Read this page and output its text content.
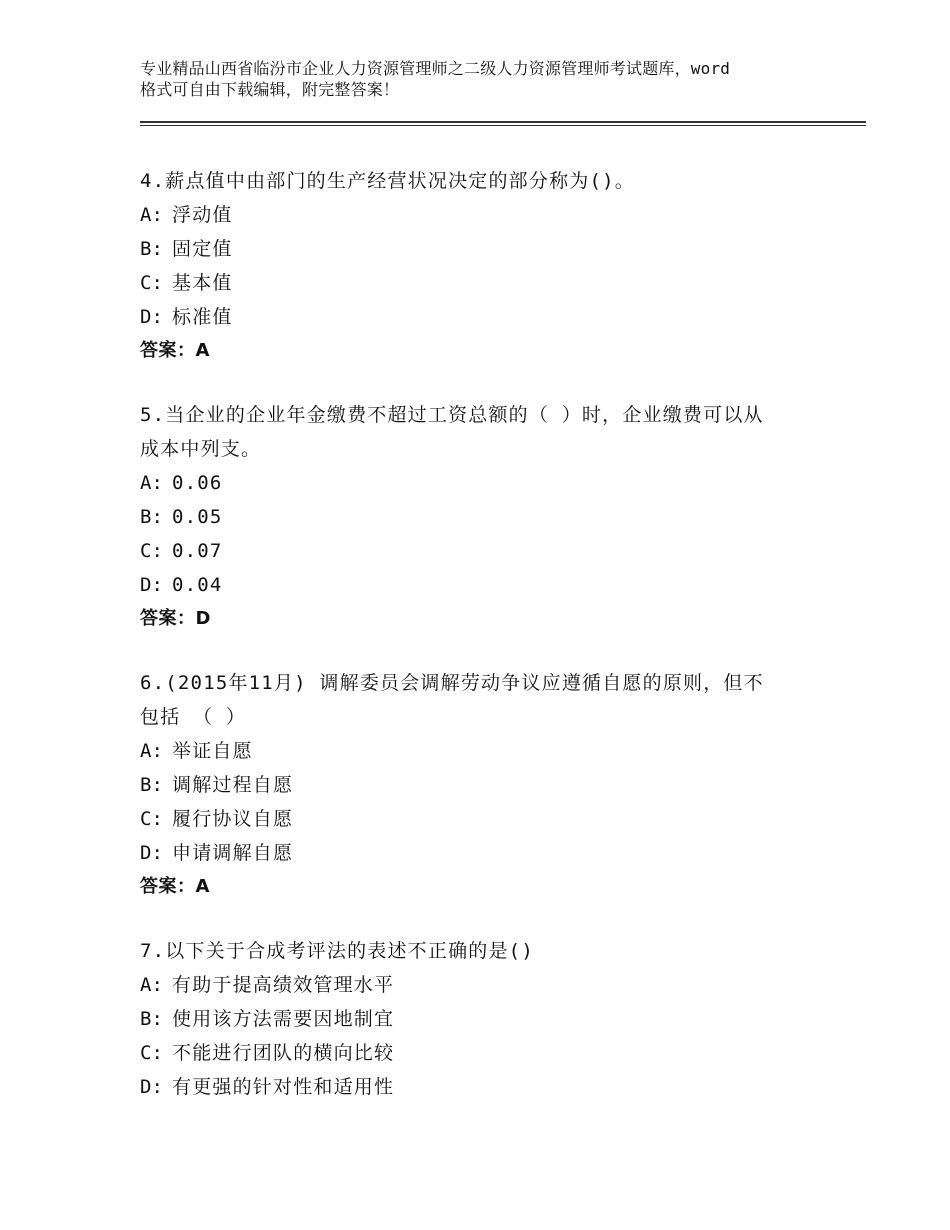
专业精品山西省临汾市企业人力资源管理师之二级人力资源管理师考试题库，word
格式可自由下载编辑，附完整答案！
4.薪点值中由部门的生产经营状况决定的部分称为()。
A: 浮动值
B: 固定值
C: 基本值
D: 标准值
答案：A
5.当企业的企业年金缴费不超过工资总额的（ ）时，企业缴费可以从
成本中列支。
A: 0.06
B: 0.05
C: 0.07
D: 0.04
答案：D
6.(2015年11月) 调解委员会调解劳动争议应遵循自愿的原则，但不
包括 （ ）
A: 举证自愿
B: 调解过程自愿
C: 履行协议自愿
D: 申请调解自愿
答案：A
7.以下关于合成考评法的表述不正确的是()
A: 有助于提高绩效管理水平
B: 使用该方法需要因地制宜
C: 不能进行团队的横向比较
D: 有更强的针对性和适用性
